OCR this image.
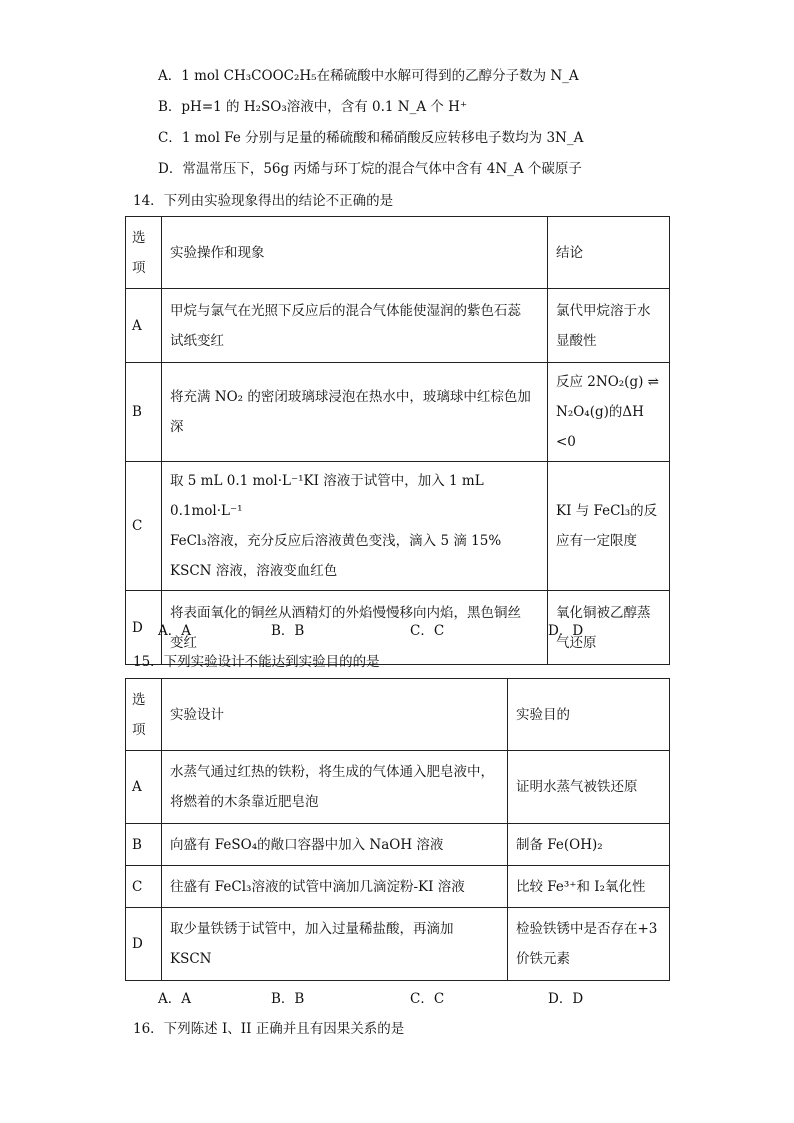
A．1 mol CH₃COOC₂H₅在稀硫酸中水解可得到的乙醇分子数为 N_A
B．pH=1 的 H₂SO₃溶液中，含有 0.1 N_A 个 H⁺
C．1 mol Fe 分别与足量的稀硫酸和稀硝酸反应转移电子数均为 3N_A
D．常温常压下，56g 丙烯与环丁烷的混合气体中含有 4N_A 个碳原子
14．下列由实验现象得出的结论不正确的是
选项	实验操作和现象	结论
A	甲烷与氯气在光照下反应后的混合气体能使湿润的紫色石蕊
试纸变红	氯代甲烷溶于水
显酸性

B	将充满 NO₂ 的密闭玻璃球浸泡在热水中，玻璃球中红棕色加
深	反应 2NO₂(g) ⇌
N₂O₄(g)的ΔH <0

C	取 5 mL 0.1 mol·L⁻¹KI 溶液于试管中，加入 1 mL 0.1mol·L⁻¹
FeCl₃溶液，充分反应后溶液黄色变浅，滴入 5 滴 15%
KSCN 溶液，溶液变血红色	KI 与 FeCl₃的反
应有一定限度

D	将表面氧化的铜丝从酒精灯的外焰慢慢移向内焰，黑色铜丝
变红	氧化铜被乙醇蒸
气还原
A．A	B．B	C．C	D．D
15．下列实验设计不能达到实验目的的是
选项	实验设计	实验目的
A	水蒸气通过红热的铁粉，将生成的气体通入肥皂液中，
将燃着的木条靠近肥皂泡	证明水蒸气被铁还原

B	向盛有 FeSO₄的敞口容器中加入 NaOH 溶液	制备 Fe(OH)₂

C	往盛有 FeCl₃溶液的试管中滴加几滴淀粉-KI 溶液	比较 Fe³⁺和 I₂氧化性

D	取少量铁锈于试管中，加入过量稀盐酸，再滴加 KSCN	检验铁锈中是否存在+3
价铁元素
A．A	B．B	C．C	D．D
16．下列陈述 I、II 正确并且有因果关系的是
